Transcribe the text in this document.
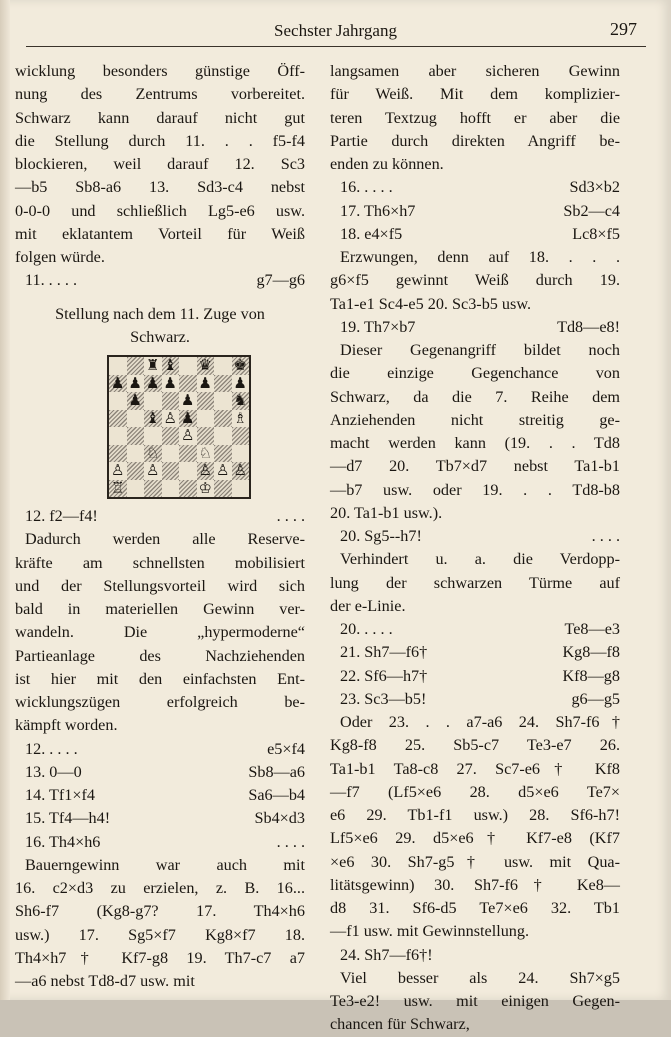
Sechster Jahrgang	297
wicklung besonders günstige Öff-
nung des Zentrums vorbereitet.
Schwarz kann darauf nicht gut
die Stellung durch 11. . . f5-f4
blockieren, weil darauf 12. Sc3
—b5 Sb8-a6 13. Sd3-c4 nebst
0-0-0 und schließlich Lg5-e6 usw.
mit eklatantem Vorteil für Weiß
folgen würde.
11. . . . .	g7—g6
Stellung nach dem 11. Zuge von
Schwarz.
♜ ♝ ♛ ♚
♟ ♟ ♟ ♟ ♟ ♟
♟	♟	♞
♝ ♙ ♟	♗
♙
♘	♘
♙ ♙	♙ ♙ ♙
♖	♔
12. f2—f4!	. . . .
Dadurch werden alle Reserve-
kräfte am schnellsten mobilisiert
und der Stellungsvorteil wird sich
bald in materiellen Gewinn ver-
wandeln. Die „hypermoderne“
Partieanlage des Nachziehenden
ist hier mit den einfachsten Ent-
wicklungszügen erfolgreich be-
kämpft worden.
12. . . . .	e5×f4
13. 0—0	Sb8—a6
14. Tf1×f4	Sa6—b4
15. Tf4—h4!	Sb4×d3
16. Th4×h6	. . . .
Bauerngewinn war auch mit
16. c2×d3 zu erzielen, z. B. 16...
Sh6-f7 (Kg8-g7? 17. Th4×h6
usw.) 17. Sg5×f7 Kg8×f7 18.
Th4×h7† Kf7-g8 19. Th7-c7 a7
—a6 nebst Td8-d7 usw. mit
langsamen aber sicheren Gewinn
für Weiß. Mit dem komplizier-
teren Textzug hofft er aber die
Partie durch direkten Angriff be-
enden zu können.
16. . . . .	Sd3×b2
17. Th6×h7	Sb2—c4
18. e4×f5	Lc8×f5
Erzwungen, denn auf 18. . . .
g6×f5 gewinnt Weiß durch 19.
Ta1-e1 Sc4-e5 20. Sc3-b5 usw.
19. Th7×b7	Td8—e8!
Dieser Gegenangriff bildet noch
die einzige Gegenchance von
Schwarz, da die 7. Reihe dem
Anziehenden nicht streitig ge-
macht werden kann (19. . . Td8
—d7 20. Tb7×d7 nebst Ta1-b1
—b7 usw. oder 19. . . Td8-b8
20. Ta1-b1 usw.).
20. Sg5--h7!	. . . .
Verhindert u. a. die Verdopp-
lung der schwarzen Türme auf
der e-Linie.
20. . . . .	Te8—e3
21. Sh7—f6†	Kg8—f8
22. Sf6—h7†	Kf8—g8
23. Sc3—b5!	g6—g5
Oder 23. . . a7-a6 24. Sh7-f6†
Kg8-f8 25. Sb5-c7 Te3-e7 26.
Ta1-b1 Ta8-c8 27. Sc7-e6† Kf8
—f7 (Lf5×e6 28. d5×e6 Te7×
e6 29. Tb1-f1 usw.) 28. Sf6-h7!
Lf5×e6 29. d5×e6† Kf7-e8 (Kf7
×e6 30. Sh7-g5† usw. mit Qua-
litätsgewinn) 30. Sh7-f6† Ke8—
d8 31. Sf6-d5 Te7×e6 32. Tb1
—f1 usw. mit Gewinnstellung.
24. Sh7—f6†!
Viel besser als 24. Sh7×g5
Te3-e2! usw. mit einigen Gegen-
chancen für Schwarz,
